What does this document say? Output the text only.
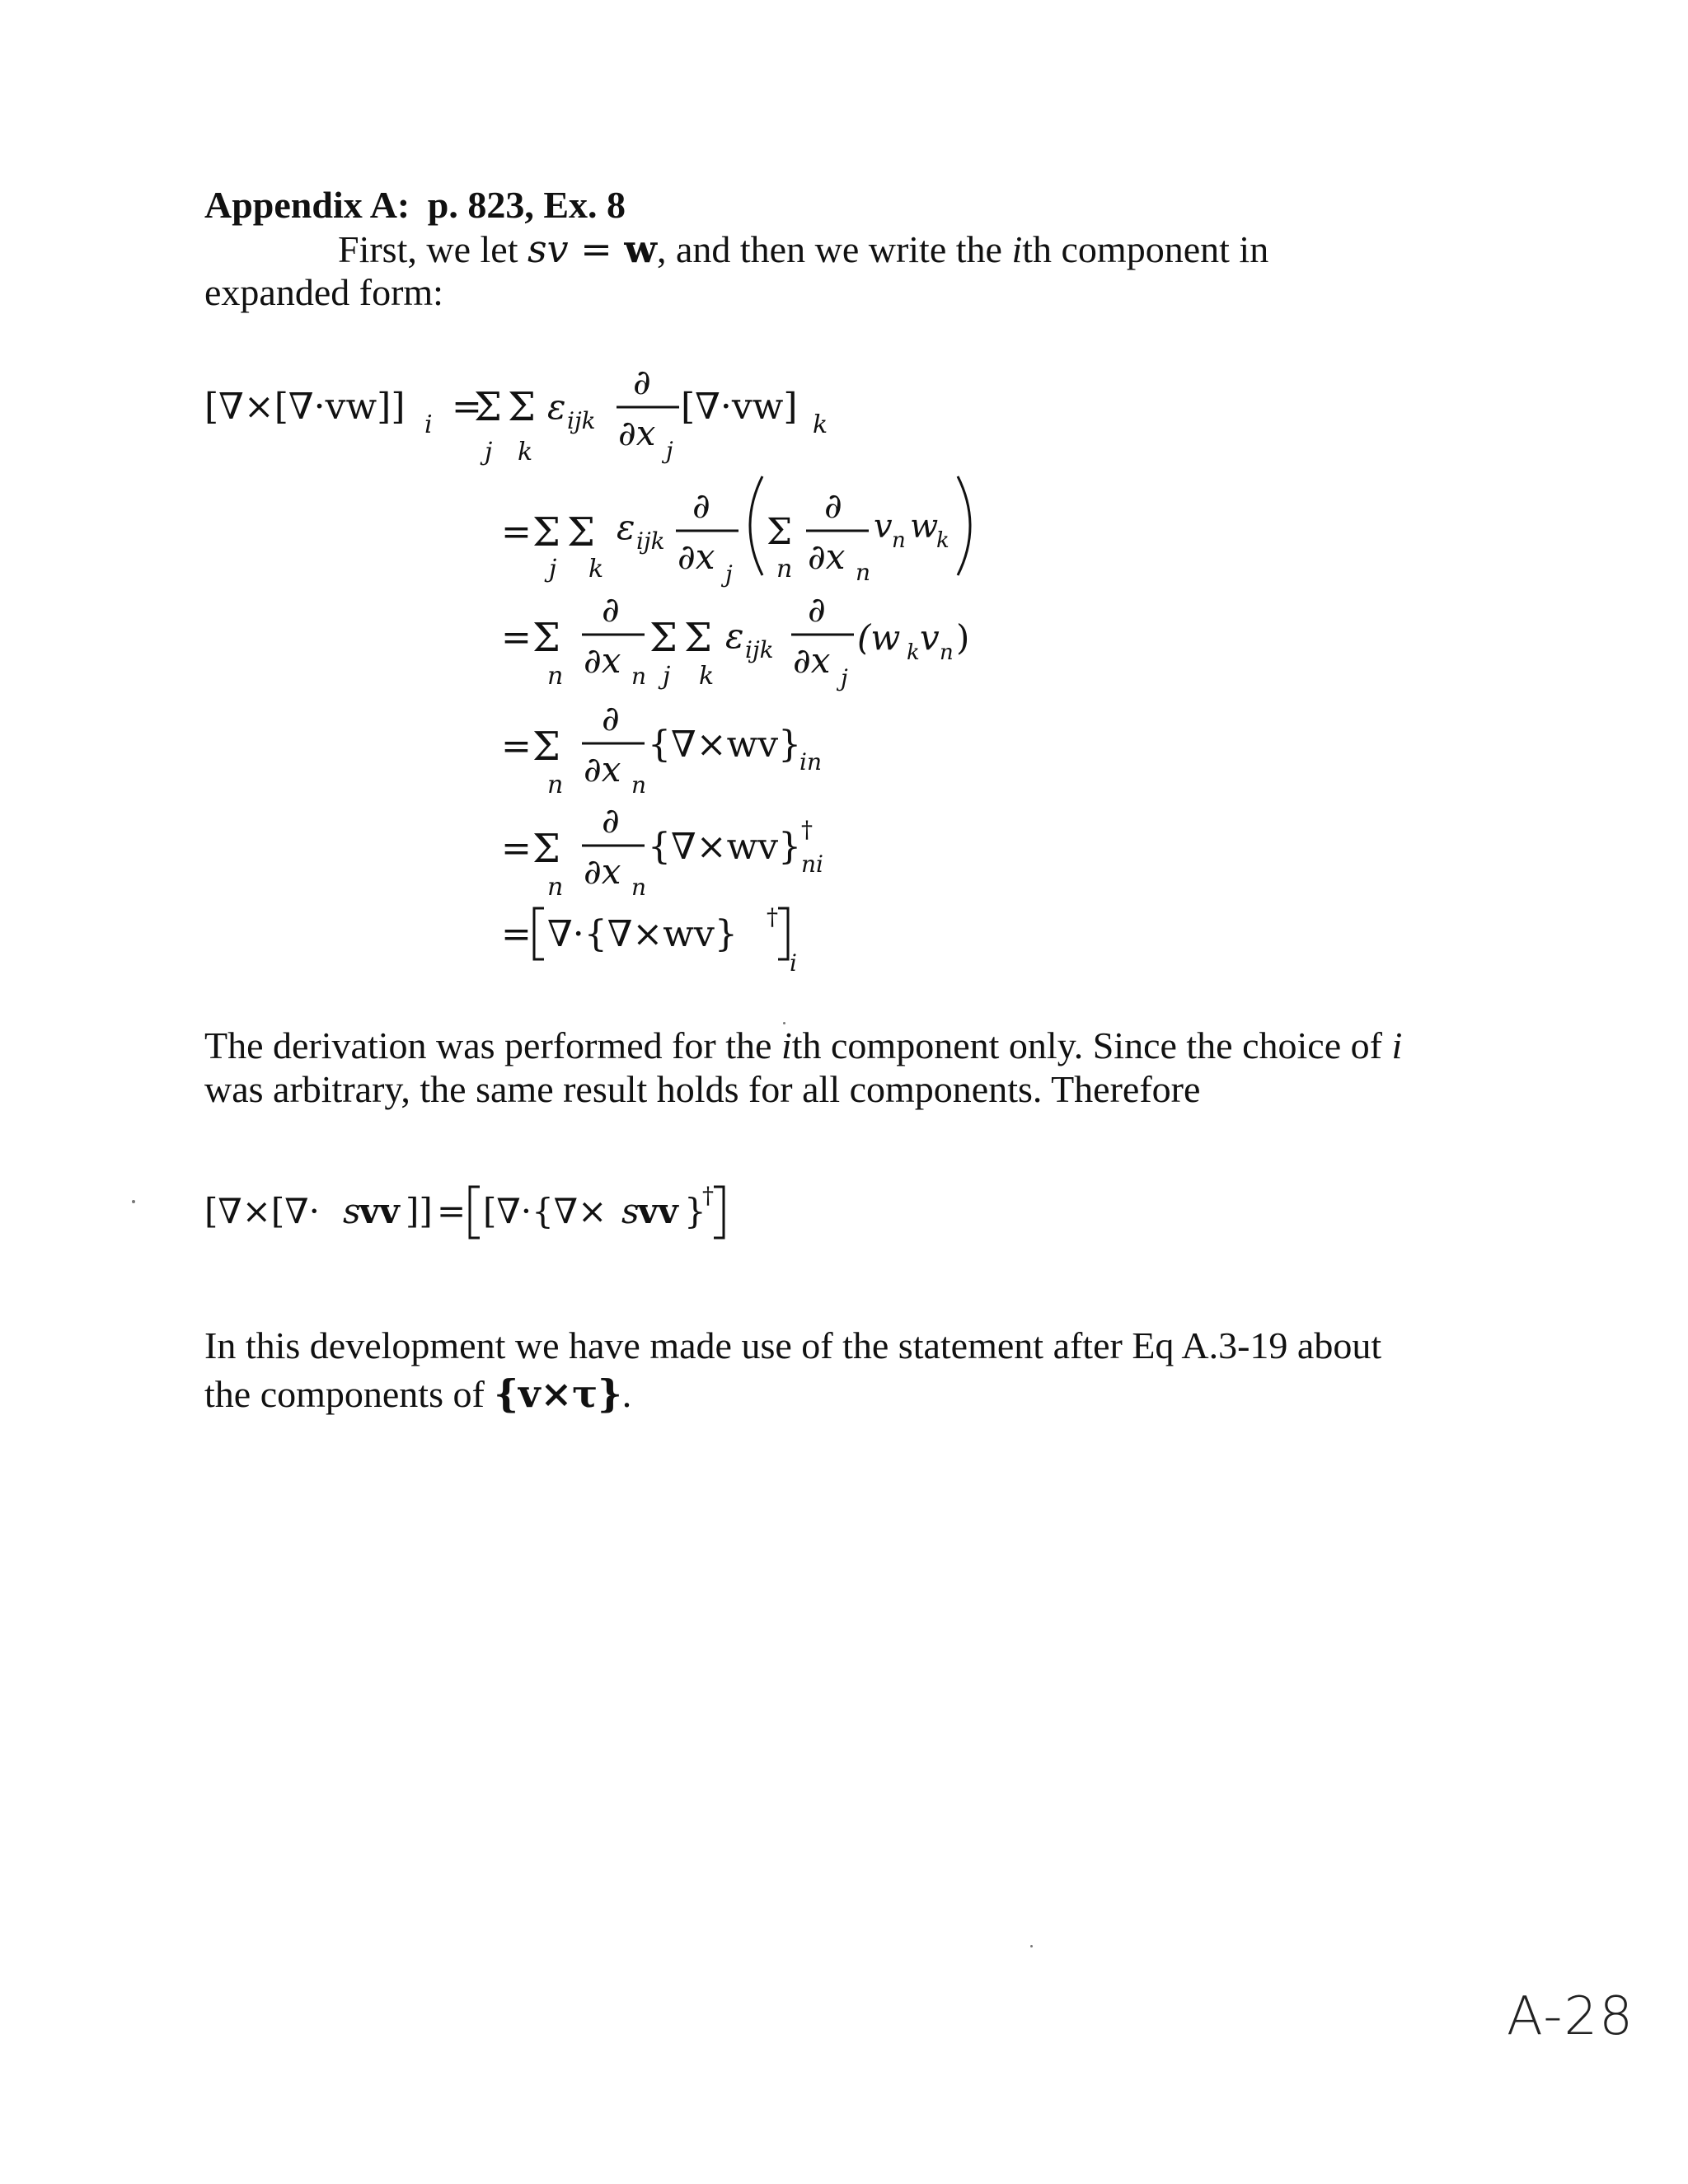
Appendix A: p. 823, Ex. 8

First, we let sv = w, and then we write the ith component in expanded form:

[∇×[∇·vw]] i =
Σ Σ
j k
ε ijk
∂
∂x j
[∇·vw] k
= Σ Σ
j k
ε ijk
∂
∂x j
Σ
n
∂
∂x n
v n w
k
= Σ
n
∂
∂x n
Σ Σ
j k
ε ijk
∂
∂x j
(w k v n )
= Σ
n
∂
∂x n
{∇×wv}
in
= Σ
n
∂
∂x n
{∇×wv} †
ni
= ∇·{∇×wv} †
i
[∇×[∇· s
vv ]] = [∇·{∇× s
vv }
†

The derivation was performed for the ith component only. Since the choice of i was arbitrary, the same result holds for all components. Therefore

In this development we have made use of the statement after Eq A.3-19 about the components of {v×τ}.

A-28
